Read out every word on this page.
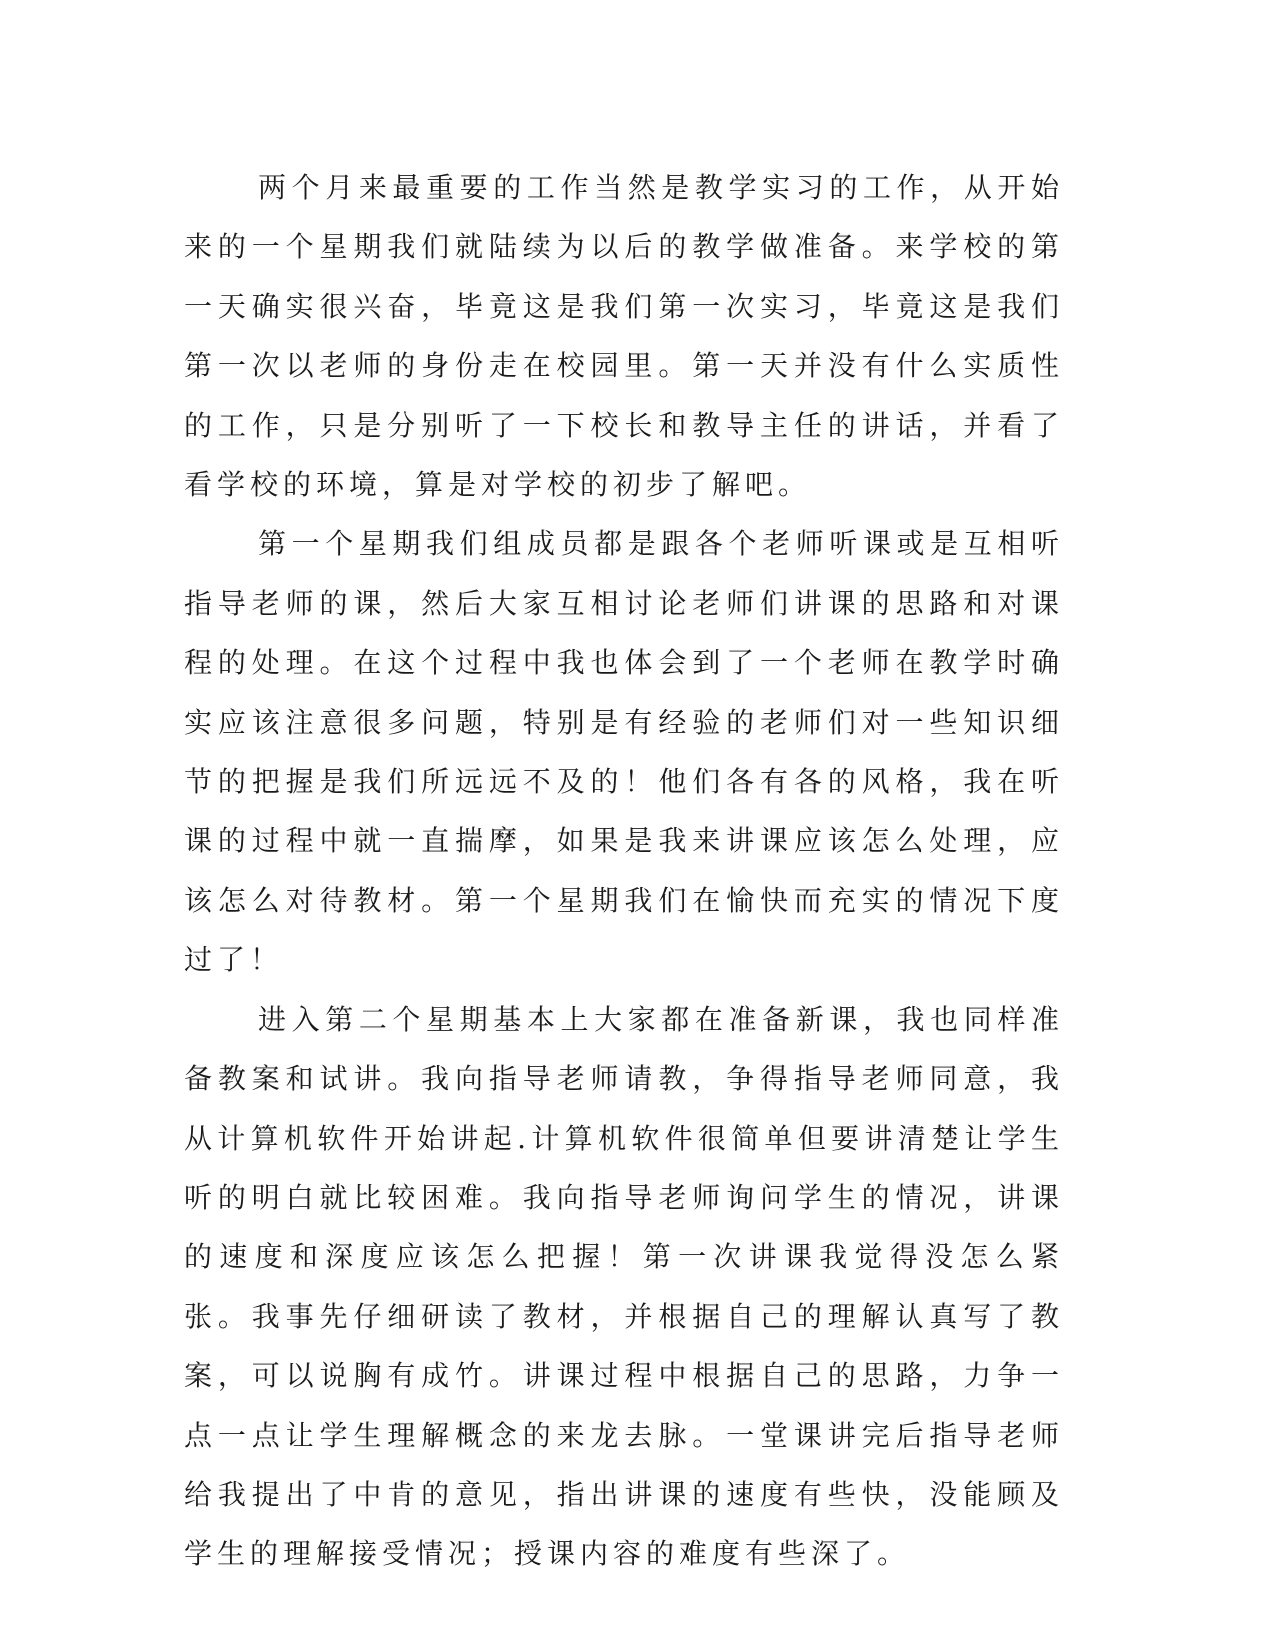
两个月来最重要的工作当然是教学实习的工作，从开始来的一个星期我们就陆续为以后的教学做准备。来学校的第一天确实很兴奋，毕竟这是我们第一次实习，毕竟这是我们第一次以老师的身份走在校园里。第一天并没有什么实质性的工作，只是分别听了一下校长和教导主任的讲话，并看了看学校的环境，算是对学校的初步了解吧。

第一个星期我们组成员都是跟各个老师听课或是互相听指导老师的课，然后大家互相讨论老师们讲课的思路和对课程的处理。在这个过程中我也体会到了一个老师在教学时确实应该注意很多问题，特别是有经验的老师们对一些知识细节的把握是我们所远远不及的！他们各有各的风格，我在听课的过程中就一直揣摩，如果是我来讲课应该怎么处理，应该怎么对待教材。第一个星期我们在愉快而充实的情况下度过了！

进入第二个星期基本上大家都在准备新课，我也同样准备教案和试讲。我向指导老师请教，争得指导老师同意，我从计算机软件开始讲起.计算机软件很简单但要讲清楚让学生听的明白就比较困难。我向指导老师询问学生的情况，讲课的速度和深度应该怎么把握！第一次讲课我觉得没怎么紧张。我事先仔细研读了教材，并根据自己的理解认真写了教案，可以说胸有成竹。讲课过程中根据自己的思路，力争一点一点让学生理解概念的来龙去脉。一堂课讲完后指导老师给我提出了中肯的意见，指出讲课的速度有些快，没能顾及学生的理解接受情况；授课内容的难度有些深了。
